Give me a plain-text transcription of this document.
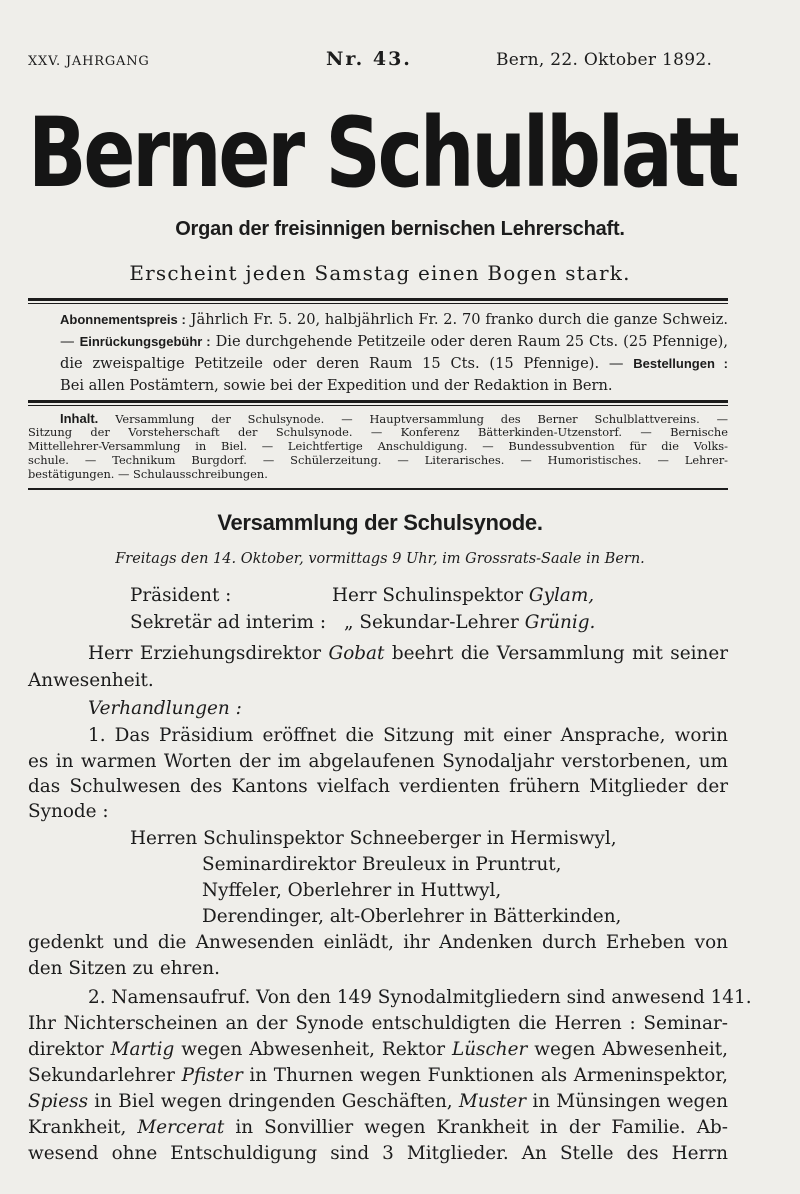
XXV. JAHRGANG	Nr. 43.	Bern, 22. Oktober 1892.
Berner Schulblatt
Organ der freisinnigen bernischen Lehrerschaft.
Erscheint jeden Samstag einen Bogen stark.
Abonnementspreis : Jährlich Fr. 5. 20, halbjährlich Fr. 2. 70 franko durch die ganze Schweiz.
— Einrückungsgebühr : Die durchgehende Petitzeile oder deren Raum 25 Cts. (25 Pfennige),
die zweispaltige Petitzeile oder deren Raum 15 Cts. (15 Pfennige). — Bestellungen :
Bei allen Postämtern, sowie bei der Expedition und der Redaktion in Bern.
Inhalt. Versammlung der Schulsynode. — Hauptversammlung des Berner Schulblattvereins. —
Sitzung der Vorsteherschaft der Schulsynode. — Konferenz Bätterkinden-Utzenstorf. — Bernische
Mittellehrer-Versammlung in Biel. — Leichtfertige Anschuldigung. — Bundessubvention für die Volks-
schule. — Technikum Burgdorf. — Schülerzeitung. — Literarisches. — Humoristisches. — Lehrer-
bestätigungen. — Schulausschreibungen.
Versammlung der Schulsynode.
Freitags den 14. Oktober, vormittags 9 Uhr, im Grossrats-Saale in Bern.
Präsident :	Herr Schulinspektor Gylam,
Sekretär ad interim : „ Sekundar-Lehrer Grünig.
Herr Erziehungsdirektor Gobat beehrt die Versammlung mit seiner
Anwesenheit.
Verhandlungen :
1. Das Präsidium eröffnet die Sitzung mit einer Ansprache, worin
es in warmen Worten der im abgelaufenen Synodaljahr verstorbenen, um
das Schulwesen des Kantons vielfach verdienten frühern Mitglieder der
Synode :
Herren Schulinspektor Schneeberger in Hermiswyl,
Seminardirektor Breuleux in Pruntrut,
Nyffeler, Oberlehrer in Huttwyl,
Derendinger, alt-Oberlehrer in Bätterkinden,
gedenkt und die Anwesenden einlädt, ihr Andenken durch Erheben von
den Sitzen zu ehren.
2. Namensaufruf. Von den 149 Synodalmitgliedern sind anwesend 141.
Ihr Nichterscheinen an der Synode entschuldigten die Herren : Seminar-
direktor Martig wegen Abwesenheit, Rektor Lüscher wegen Abwesenheit,
Sekundarlehrer Pfister in Thurnen wegen Funktionen als Armeninspektor,
Spiess in Biel wegen dringenden Geschäften, Muster in Münsingen wegen
Krankheit, Mercerat in Sonvillier wegen Krankheit in der Familie. Ab-
wesend ohne Entschuldigung sind 3 Mitglieder. An Stelle des Herrn
